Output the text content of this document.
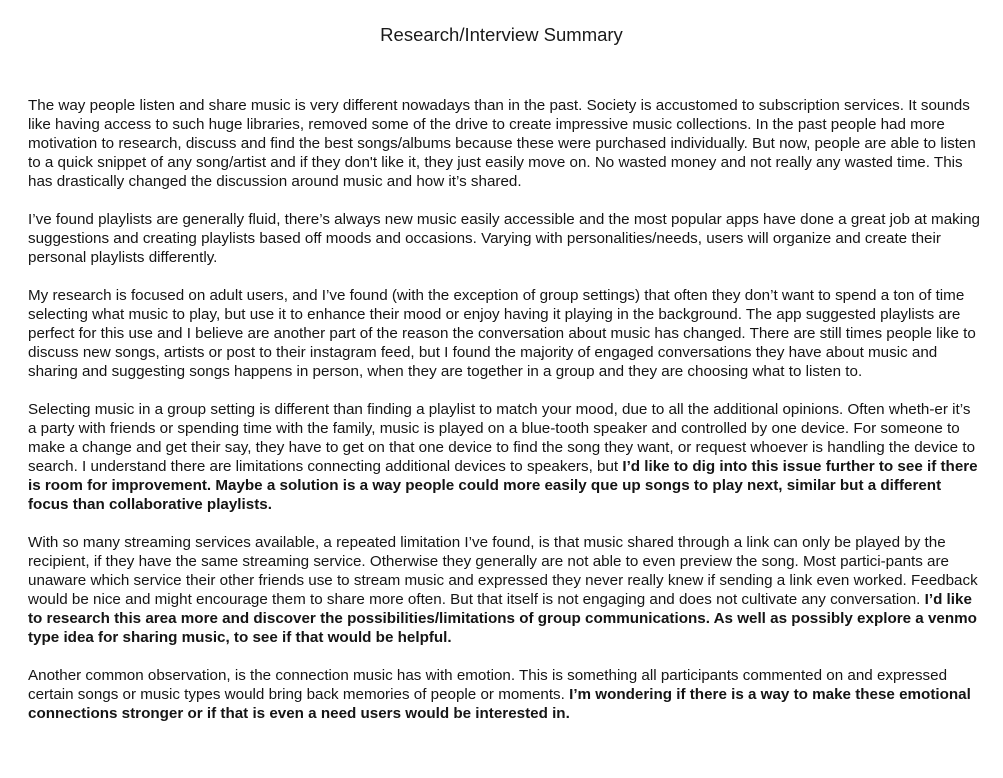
Research/Interview Summary

The way people listen and share music is very different nowadays than in the past. Society is accustomed to subscription services. It sounds like having access to such huge libraries, removed some of the drive to create impressive music collections. In the past people had more motivation to research, discuss and find the best songs/albums because these were purchased individually. But now, people are able to listen to a quick snippet of any song/artist and if they don't like it, they just easily move on. No wasted money and not really any wasted time. This has drastically changed the discussion around music and how it’s shared.

I’ve found playlists are generally fluid, there’s always new music easily accessible and the most popular apps have done a great job at making suggestions and creating playlists based off moods and occasions. Varying with personalities/needs, users will organize and create their personal playlists differently.

My research is focused on adult users, and I’ve found (with the exception of group settings) that often they don’t want to spend a ton of time selecting what music to play, but use it to enhance their mood or enjoy having it playing in the background. The app suggested playlists are perfect for this use and I believe are another part of the reason the conversation about music has changed. There are still times people like to discuss new songs, artists or post to their instagram feed, but I found the majority of engaged conversations they have about music and sharing and suggesting songs happens in person, when they are together in a group and they are choosing what to listen to.

Selecting music in a group setting is different than finding a playlist to match your mood, due to all the additional opinions. Often wheth-er it’s a party with friends or spending time with the family, music is played on a blue-tooth speaker and controlled by one device. For someone to make a change and get their say, they have to get on that one device to find the song they want, or request whoever is handling the device to search. I understand there are limitations connecting additional devices to speakers, but I’d like to dig into this issue further to see if there is room for improvement. Maybe a solution is a way people could more easily que up songs to play next, similar but a different focus than collaborative playlists.

With so many streaming services available, a repeated limitation I’ve found, is that music shared through a link can only be played by the recipient, if they have the same streaming service. Otherwise they generally are not able to even preview the song. Most partici-pants are unaware which service their other friends use to stream music and expressed they never really knew if sending a link even worked. Feedback would be nice and might encourage them to share more often. But that itself is not engaging and does not cultivate any conversation. I’d like to research this area more and discover the possibilities/limitations of group communications. As well as possibly explore a venmo type idea for sharing music, to see if that would be helpful.

Another common observation, is the connection music has with emotion. This is something all participants commented on and expressed certain songs or music types would bring back memories of people or moments. I’m wondering if there is a way to make these emotional connections stronger or if that is even a need users would be interested in.
